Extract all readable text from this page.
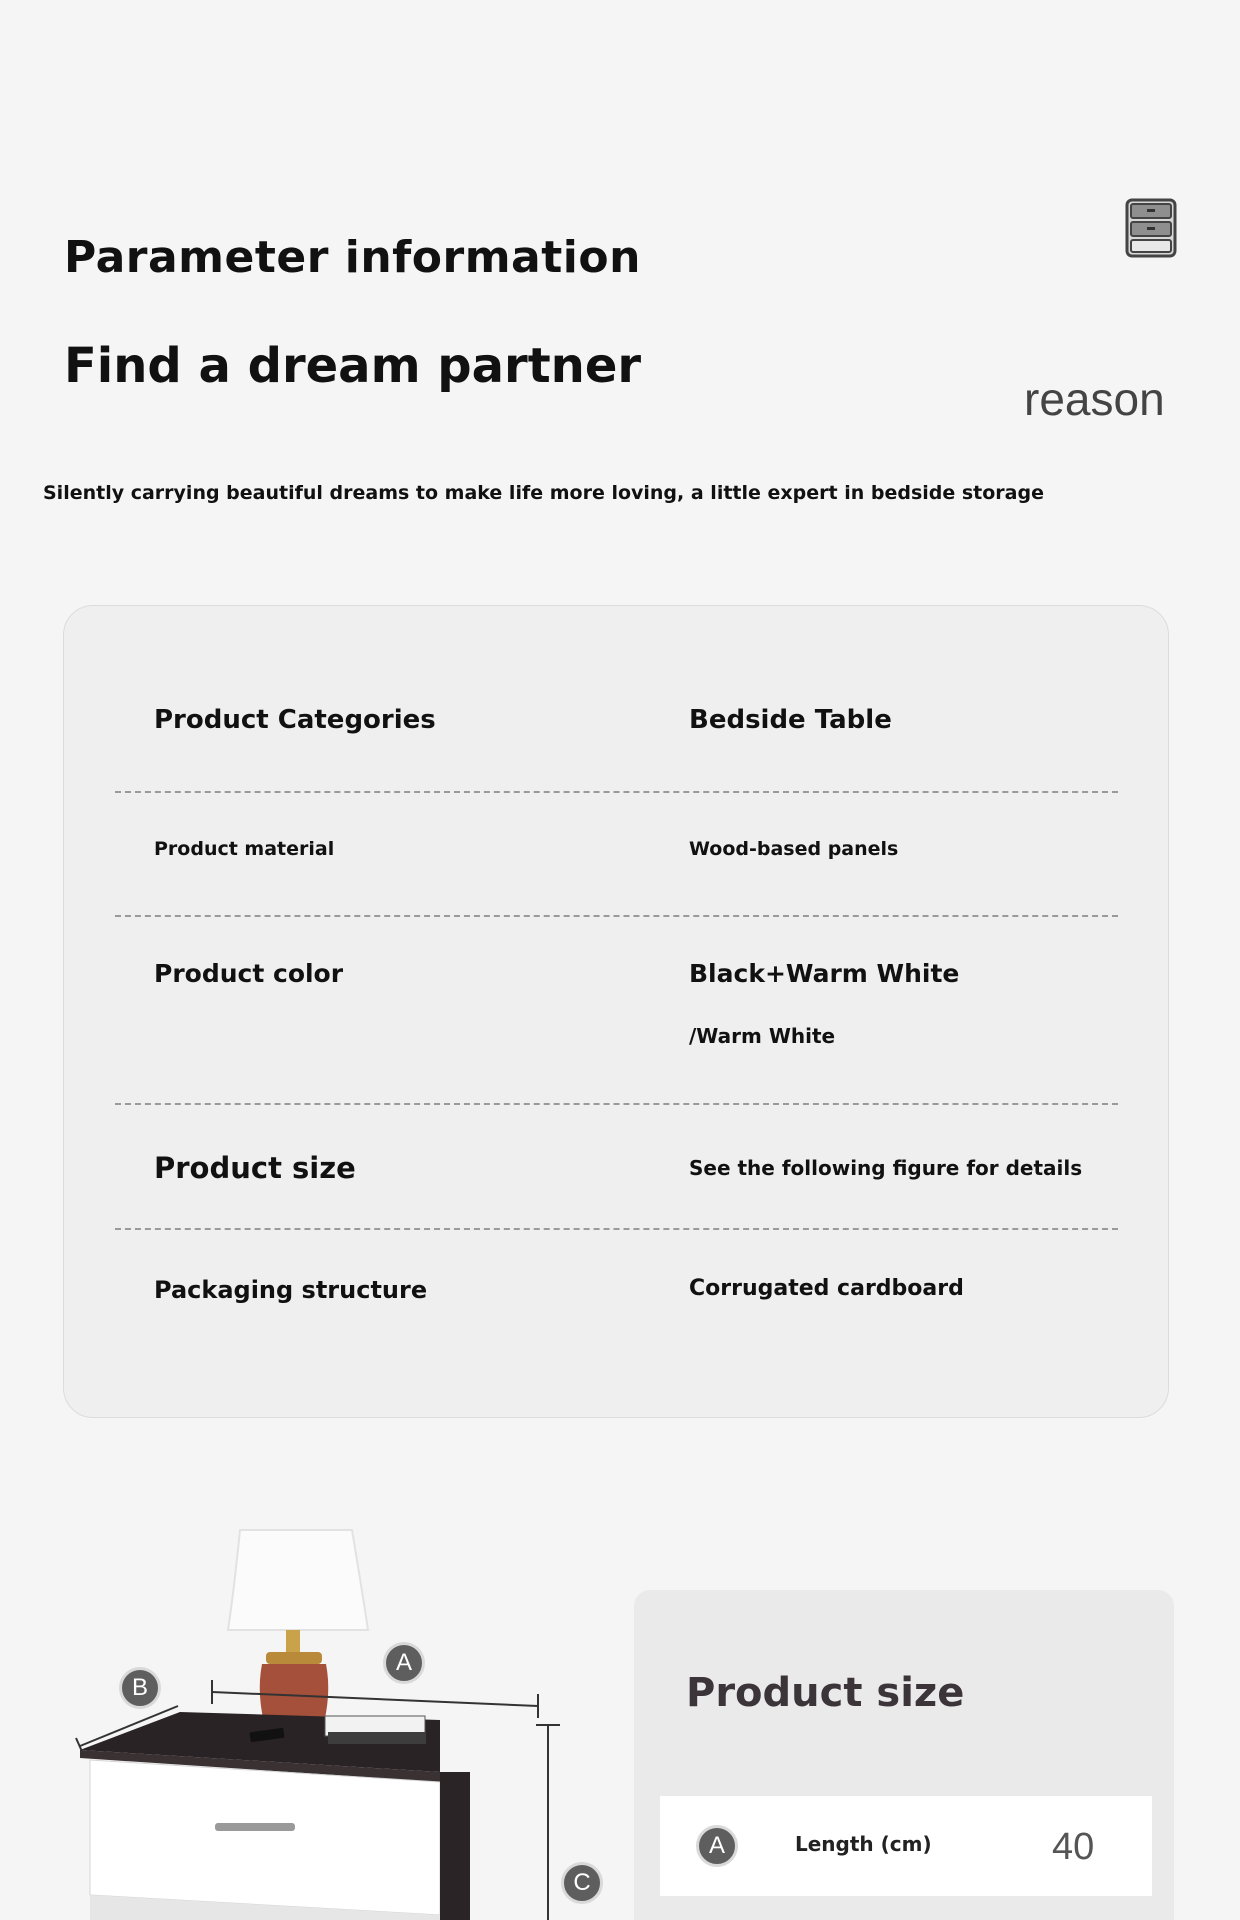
Parameter information
Find a dream partner
reason
Silently carrying beautiful dreams to make life more loving, a little expert in bedside storage
Product Categories	Bedside Table
Product material	Wood-based panels
Product color	Black+Warm White
/Warm White
Product size	See the following figure for details
Packaging structure	Corrugated cardboard
A
B
C
Product size
A	Length (cm)	40
